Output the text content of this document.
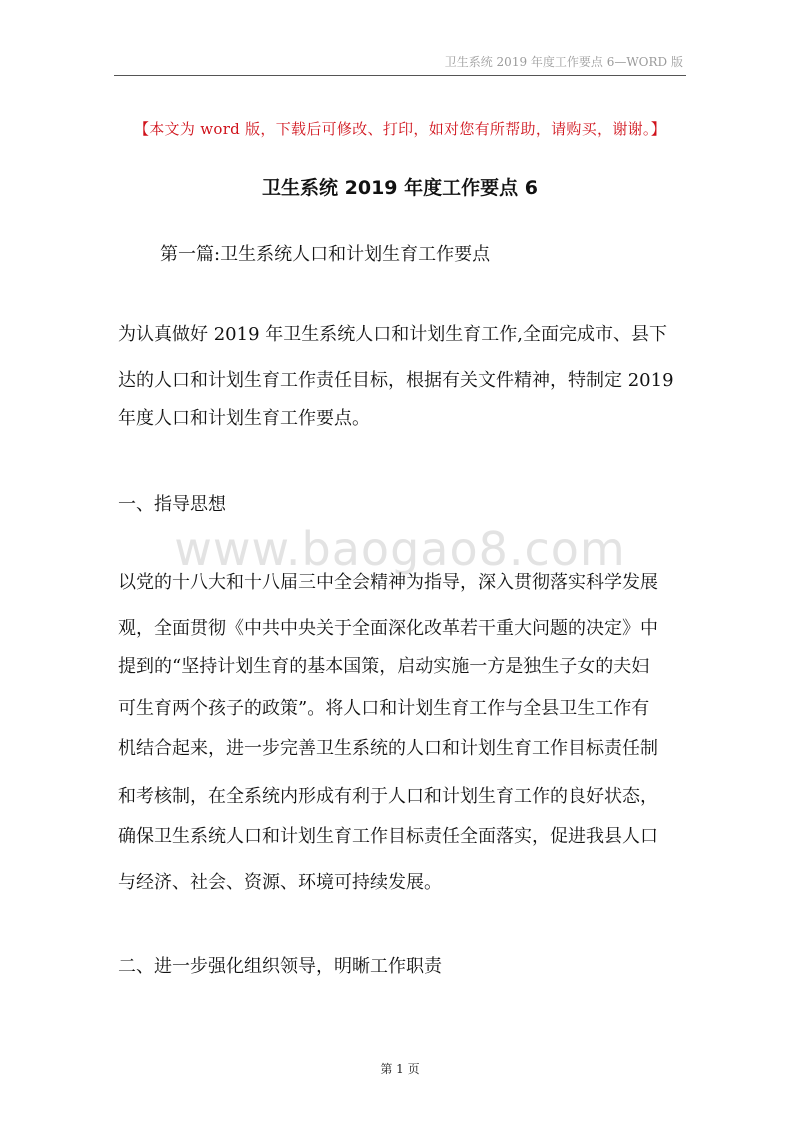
卫生系统 2019 年度工作要点 6—WORD 版
【本文为 word 版，下载后可修改、打印，如对您有所帮助，请购买，谢谢。】
卫生系统 2019 年度工作要点 6
第一篇:卫生系统人口和计划生育工作要点
为认真做好 2019 年卫生系统人口和计划生育工作,全面完成市、县下
达的人口和计划生育工作责任目标，根据有关文件精神，特制定 2019
年度人口和计划生育工作要点。
一、指导思想
www.baogao8.com
以党的十八大和十八届三中全会精神为指导，深入贯彻落实科学发展
观，全面贯彻《中共中央关于全面深化改革若干重大问题的决定》中
提到的“坚持计划生育的基本国策，启动实施一方是独生子女的夫妇
可生育两个孩子的政策”。将人口和计划生育工作与全县卫生工作有
机结合起来，进一步完善卫生系统的人口和计划生育工作目标责任制
和考核制，在全系统内形成有利于人口和计划生育工作的良好状态，
确保卫生系统人口和计划生育工作目标责任全面落实，促进我县人口
与经济、社会、资源、环境可持续发展。
二、进一步强化组织领导，明晰工作职责
第 1 页
